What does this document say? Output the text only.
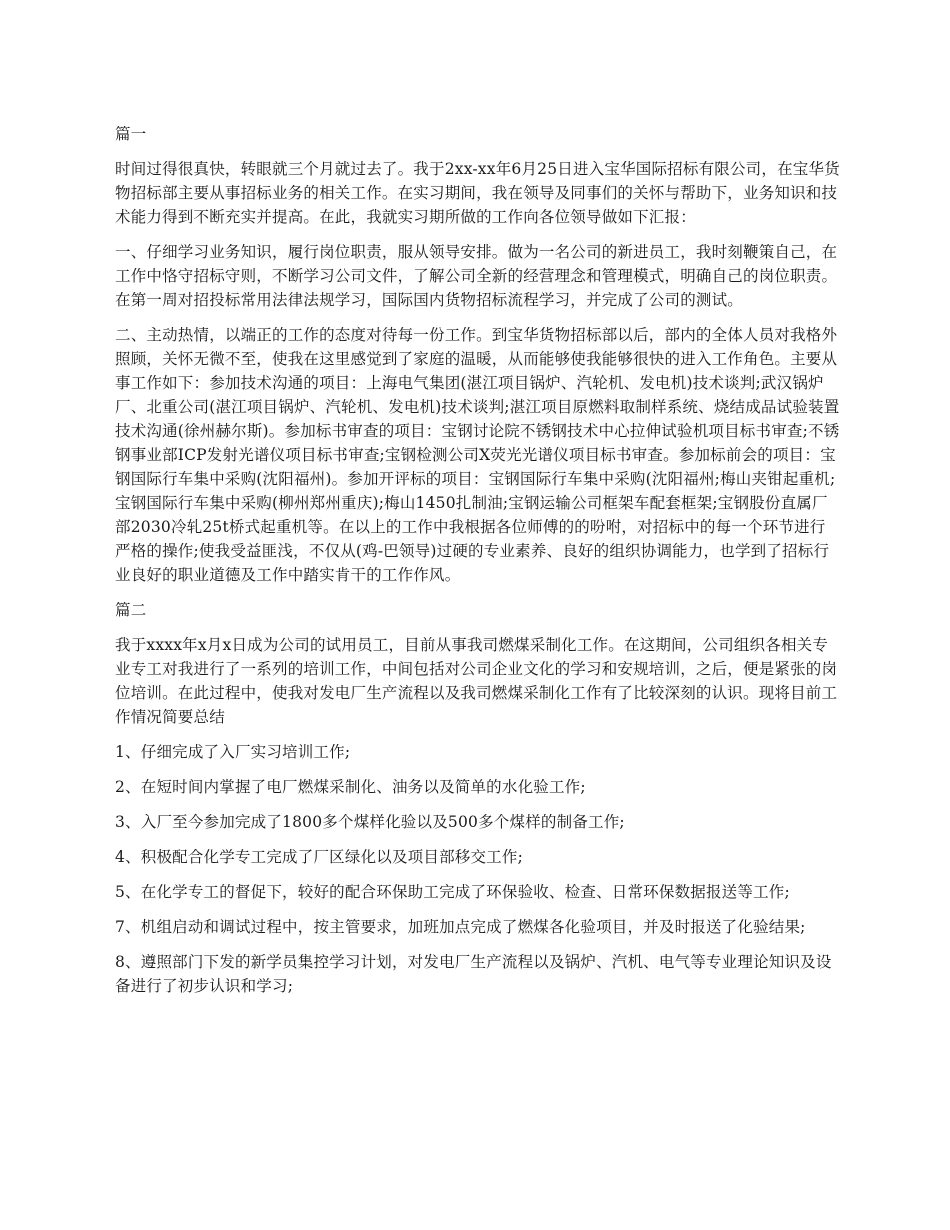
篇一

时间过得很真快，转眼就三个月就过去了。我于2xx-xx年6月25日进入宝华国际招标有限公司，在宝华货物招标部主要从事招标业务的相关工作。在实习期间，我在领导及同事们的关怀与帮助下，业务知识和技术能力得到不断充实并提高。在此，我就实习期所做的工作向各位领导做如下汇报：

一、仔细学习业务知识，履行岗位职责，服从领导安排。做为一名公司的新进员工，我时刻鞭策自己，在工作中恪守招标守则，不断学习公司文件，了解公司全新的经营理念和管理模式，明确自己的岗位职责。在第一周对招投标常用法律法规学习，国际国内货物招标流程学习，并完成了公司的测试。

二、主动热情，以端正的工作的态度对待每一份工作。到宝华货物招标部以后，部内的全体人员对我格外照顾，关怀无微不至，使我在这里感觉到了家庭的温暖，从而能够使我能够很快的进入工作角色。主要从事工作如下：参加技术沟通的项目：上海电气集团(湛江项目锅炉、汽轮机、发电机)技术谈判;武汉锅炉厂、北重公司(湛江项目锅炉、汽轮机、发电机)技术谈判;湛江项目原燃料取制样系统、烧结成品试验装置技术沟通(徐州赫尔斯)。参加标书审查的项目：宝钢讨论院不锈钢技术中心拉伸试验机项目标书审查;不锈钢事业部ICP发射光谱仪项目标书审查;宝钢检测公司X荧光光谱仪项目标书审查。参加标前会的项目：宝钢国际行车集中采购(沈阳福州)。参加开评标的项目：宝钢国际行车集中采购(沈阳福州;梅山夹钳起重机;宝钢国际行车集中采购(柳州郑州重庆);梅山1450扎制油;宝钢运输公司框架车配套框架;宝钢股份直属厂部2030冷轧25t桥式起重机等。在以上的工作中我根据各位师傅的的吩咐，对招标中的每一个环节进行严格的操作;使我受益匪浅，不仅从(鸡-巴领导)过硬的专业素养、良好的组织协调能力，也学到了招标行业良好的职业道德及工作中踏实肯干的工作作风。

篇二

我于xxxx年x月x日成为公司的试用员工，目前从事我司燃煤采制化工作。在这期间，公司组织各相关专业专工对我进行了一系列的培训工作，中间包括对公司企业文化的学习和安规培训，之后，便是紧张的岗位培训。在此过程中，使我对发电厂生产流程以及我司燃煤采制化工作有了比较深刻的认识。现将目前工作情况简要总结

1、仔细完成了入厂实习培训工作;

2、在短时间内掌握了电厂燃煤采制化、油务以及简单的水化验工作;

3、入厂至今参加完成了1800多个煤样化验以及500多个煤样的制备工作;

4、积极配合化学专工完成了厂区绿化以及项目部移交工作;

5、在化学专工的督促下，较好的配合环保助工完成了环保验收、检查、日常环保数据报送等工作;

7、机组启动和调试过程中，按主管要求，加班加点完成了燃煤各化验项目，并及时报送了化验结果;

8、遵照部门下发的新学员集控学习计划，对发电厂生产流程以及锅炉、汽机、电气等专业理论知识及设备进行了初步认识和学习;
